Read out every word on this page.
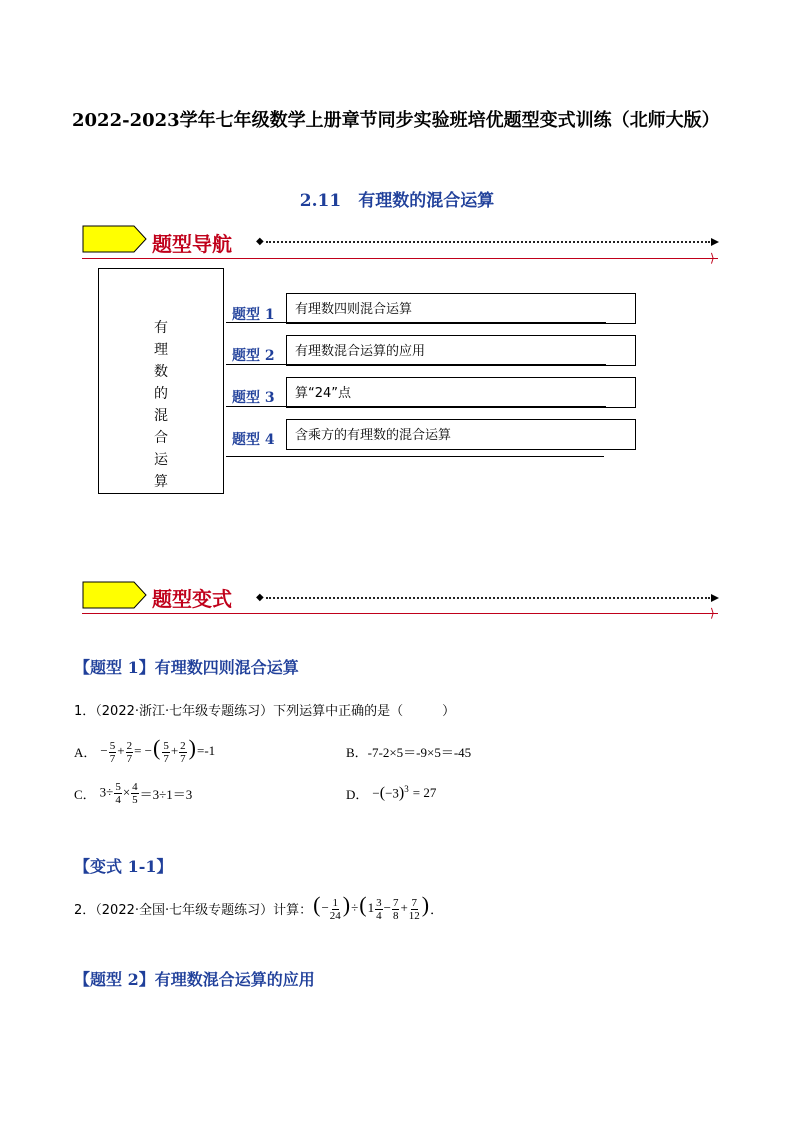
2022-2023学年七年级数学上册章节同步实验班培优题型变式训练（北师大版）
2.11　有理数的混合运算
题型导航 ◆
⟩
有
理
数
的
混
合
运
算
题型 1	有理数四则混合运算
题型 2	有理数混合运算的应用
题型 3	算“24”点
题型 4	含乘方的有理数的混合运算
题型变式 ◆
⟩
【题型 1】有理数四则混合运算
1．（2022·浙江·七年级专题练习）下列运算中正确的是（　　　）
A． − $\frac{5}{7} + \frac{2}{7}$ = −( $\frac{5}{7} + \frac{2}{7}$ ) =-1	B．-7-2×5＝-9×5＝-45
C． $3\div \frac{5}{4} \times \frac{4}{5} =3\div 1=3$	D． $-(-3)^3 = 27$
【变式 1-1】
2．（2022·全国·七年级专题练习）计算： (− $\frac{1}{24} )\div(1 \frac{3}{4} - \frac{7}{8} + \frac{7}{12}$ ) ．
【题型 2】有理数混合运算的应用
